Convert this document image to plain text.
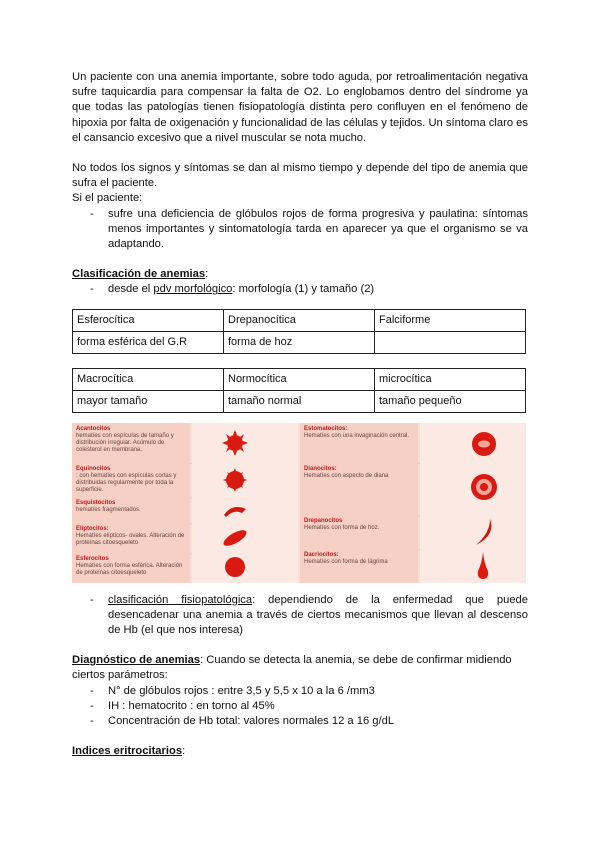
Un paciente con una anemia importante, sobre todo aguda, por retroalimentación negativa sufre taquicardia para compensar la falta de O2. Lo englobamos dentro del síndrome ya que todas las patologías tienen fisiopatología distinta pero confluyen en el fenómeno de hipoxia por falta de oxigenación y funcionalidad de las células y tejidos. Un síntoma claro es el cansancio excesivo que a nivel muscular se nota mucho.

No todos los signos y síntomas se dan al mismo tiempo y depende del tipo de anemia que sufra el paciente.

Si el paciente:

- sufre una deficiencia de glóbulos rojos de forma progresiva y paulatina: síntomas menos importantes y sintomatología tarda en aparecer ya que el organismo se va adaptando.

Clasificación de anemias:

- desde el pdv morfológico: morfología (1) y tamaño (2)
Esferocítica	Drepanocítica	Falciforme
forma esférica del G.R	forma de hoz	
Macrocítica	Normocítica	microcítica
mayor tamaño	tamaño normal	tamaño pequeño
Acantocitos
hematíes con espículas de tamaño y distribución irregular. Acúmulo de colesterol en membrana.
Equinocitos
: con hematíes con espículas cortas y distribuidas regularmente por toda la superficie.
Esquistocitos
hematíes fragmentados.
Eliptocitos:
Hematíes elípticos- ovales. Alteración de proteínas citoesqueleto
Esferocitos
Hematíes con forma esférica. Alteración de proteínas citoesqueleto
Estomatocitos:
Hematíes con una invaginación central.
Dianocitos:
Hematíes con aspecto de diana
Drepanocitos
Hematíes con forma de hoz.
Dacriocitos:
Hematíes con forma de lágrima
- clasificación fisiopatológica: dependiendo de la enfermedad que puede desencadenar una anemia a través de ciertos mecanismos que llevan al descenso de Hb (el que nos interesa)

Diagnóstico de anemias: Cuando se detecta la anemia, se debe de confirmar midiendo ciertos parámetros:

- N° de glóbulos rojos : entre 3,5 y 5,5 x 10 a la 6 /mm3
- IH : hematocrito : en torno al 45%
- Concentración de Hb total: valores normales 12 a 16 g/dL

Indices eritrocitarios:
